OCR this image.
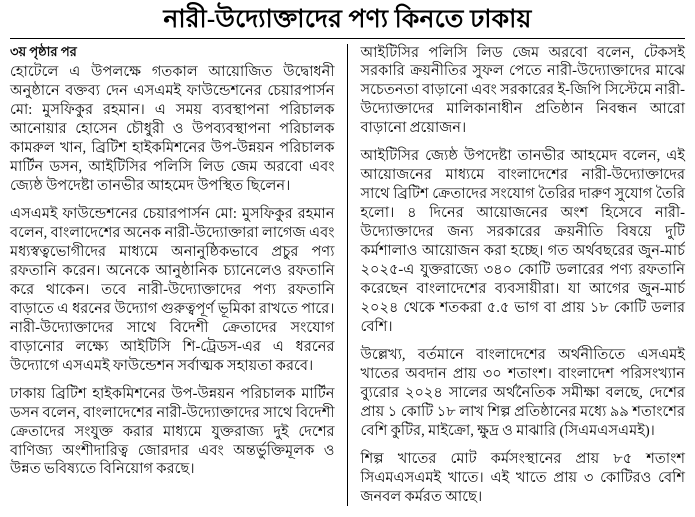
নারী-উদ্যোক্তাদের পণ্য কিনতে ঢাকায়
৩য় পৃষ্ঠার পর

হোটেলে এ উপলক্ষে গতকাল আয়োজিত উদ্বোধনী অনুষ্ঠানে বক্তব্য দেন এসএমই ফাউন্ডেশনের চেয়ারপার্সন মো: মুসফিকুর রহমান। এ সময় ব্যবস্থাপনা পরিচালক আনোয়ার হোসেন চৌধুরী ও উপব্যবস্থাপনা পরিচালক কামরুল খান, ব্রিটিশ হাইকমিশনের উপ-উন্নয়ন পরিচালক মার্টিন ডসন, আইটিসির পলিসি লিড জেম অরবো এবং জ্যেষ্ঠ উপদেষ্টা তানভীর আহমেদ উপস্থিত ছিলেন।

এসএমই ফাউন্ডেশনের চেয়ারপার্সন মো: মুসফিকুর রহমান বলেন, বাংলাদেশের অনেক নারী-উদ্যোক্তারা লাগেজ এবং মধ্যস্বত্বভোগীদের মাধ্যমে অনানুষ্ঠিকভাবে প্রচুর পণ্য রফতানি করেন। অনেকে আনুষ্ঠানিক চ্যানেলেও রফতানি করে থাকেন। তবে নারী-উদ্যোক্তাদের পণ্য রফতানি বাড়াতে এ ধরনের উদ্যোগ গুরুত্বপূর্ণ ভূমিকা রাখতে পারে। নারী-উদ্যোক্তাদের সাথে বিদেশী ক্রেতাদের সংযোগ বাড়ানোর লক্ষ্যে আইটিসি শি-ট্রেডস-এর এ ধরনের উদ্যোগে এসএমই ফাউন্ডেশন সর্বাত্মক সহায়তা করবে।

ঢাকায় ব্রিটিশ হাইকমিশনের উপ-উন্নয়ন পরিচালক মার্টিন ডসন বলেন, বাংলাদেশের নারী-উদ্যোক্তাদের সাথে বিদেশী ক্রেতাদের সংযুক্ত করার মাধ্যমে যুক্তরাজ্য দুই দেশের বাণিজ্য অংশীদারিত্ব জোরদার এবং অন্তর্ভুক্তিমূলক ও উন্নত ভবিষ্যতে বিনিয়োগ করছে।

আইটিসির পলিসি লিড জেম অরবো বলেন, টেকসই সরকারি ক্রয়নীতির সুফল পেতে নারী-উদ্যোক্তাদের মাঝে সচেতনতা বাড়ানো এবং সরকারের ই-জিপি সিস্টেমে নারী-উদ্যোক্তাদের মালিকানাধীন প্রতিষ্ঠান নিবন্ধন আরো বাড়ানো প্রয়োজন।

আইটিসির জ্যেষ্ঠ উপদেষ্টা তানভীর আহমেদ বলেন, এই আয়োজনের মাধ্যমে বাংলাদেশের নারী-উদ্যোক্তাদের সাথে ব্রিটিশ ক্রেতাদের সংযোগ তৈরির দারুণ সুযোগ তৈরি হলো। ৪ দিনের আয়োজনের অংশ হিসেবে নারী-উদ্যোক্তাদের জন্য সরকারের ক্রয়নীতি বিষয়ে দুটি কর্মশালাও আয়োজন করা হচ্ছে। গত অর্থবছরের জুন-মার্চ ২০২৫-এ যুক্তরাজ্যে ৩৪০ কোটি ডলারের পণ্য রফতানি করেছেন বাংলাদেশের ব্যবসায়ীরা। যা আগের জুন-মার্চ ২০২৪ থেকে শতকরা ৫.৫ ভাগ বা প্রায় ১৮ কোটি ডলার বেশি।

উল্লেখ্য, বর্তমানে বাংলাদেশের অর্থনীতিতে এসএমই খাতের অবদান প্রায় ৩০ শতাংশ। বাংলাদেশ পরিসংখ্যান ব্যুরোর ২০২৪ সালের অর্থনৈতিক সমীক্ষা বলছে, দেশের প্রায় ১ কোটি ১৮ লাখ শিল্প প্রতিষ্ঠানের মধ্যে ৯৯ শতাংশের বেশি কুটির, মাইক্রো, ক্ষুদ্র ও মাঝারি (সিএমএসএমই)।

শিল্প খাতের মোট কর্মসংস্থানের প্রায় ৮৫ শতাংশ সিএমএসএমই খাতে। এই খাতে প্রায় ৩ কোটিরও বেশি জনবল কর্মরত আছে।
